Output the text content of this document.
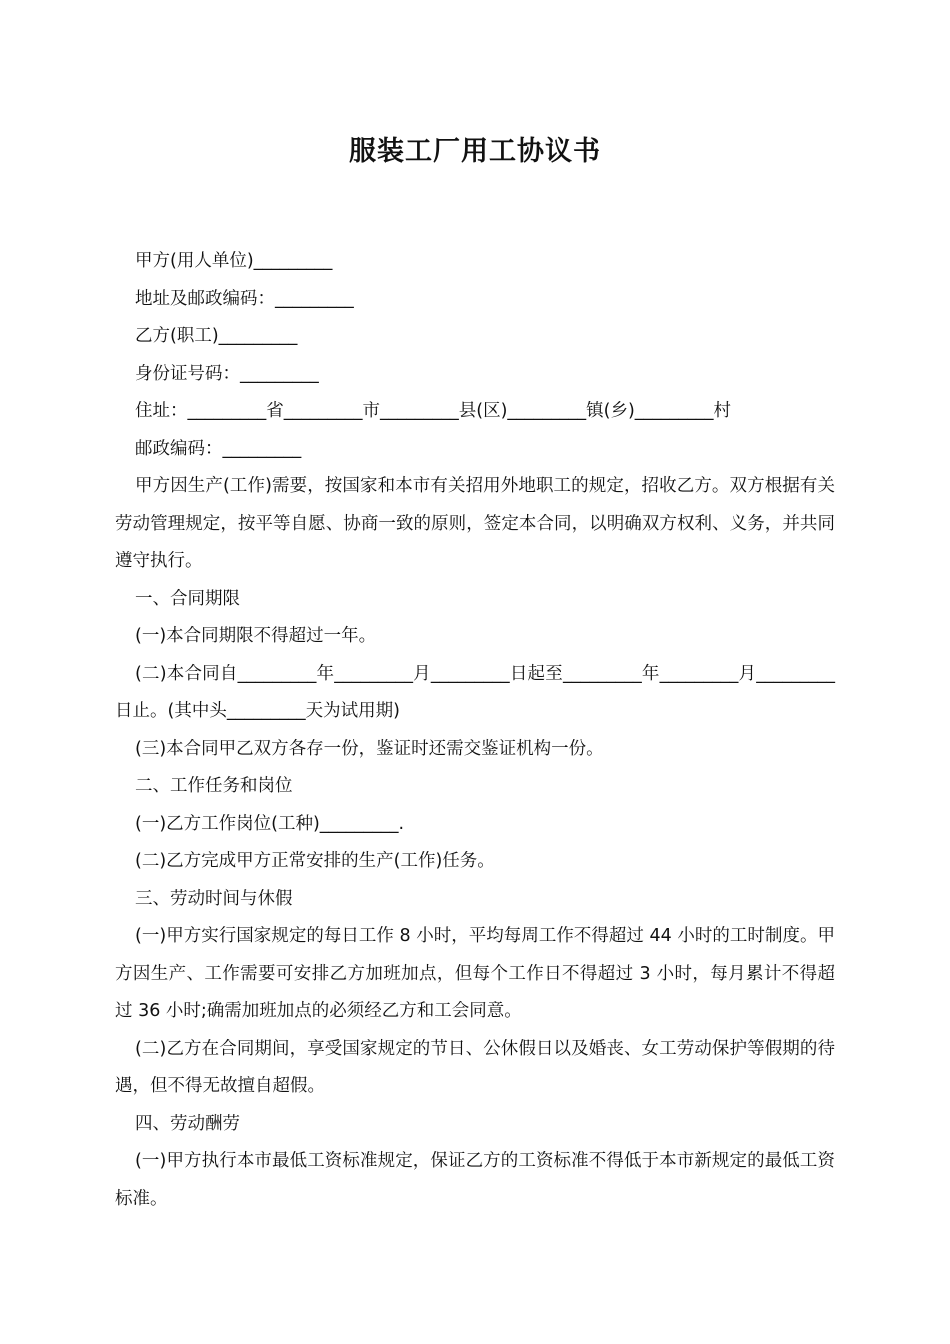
服装工厂用工协议书

甲方(用人单位)_________

地址及邮政编码：_________

乙方(职工)_________

身份证号码：_________

住址：_________省_________市_________县(区)_________镇(乡)_________村

邮政编码：_________

甲方因生产(工作)需要，按国家和本市有关招用外地职工的规定，招收乙方。双方根据有关劳动管理规定，按平等自愿、协商一致的原则，签定本合同，以明确双方权利、义务，并共同遵守执行。

一、合同期限

(一)本合同期限不得超过一年。

(二)本合同自_________年_________月_________日起至_________年_________月_________日止。(其中头_________天为试用期)

(三)本合同甲乙双方各存一份，鉴证时还需交鉴证机构一份。

二、工作任务和岗位

(一)乙方工作岗位(工种)_________.

(二)乙方完成甲方正常安排的生产(工作)任务。

三、劳动时间与休假

(一)甲方实行国家规定的每日工作 8 小时，平均每周工作不得超过 44 小时的工时制度。甲方因生产、工作需要可安排乙方加班加点，但每个工作日不得超过 3 小时，每月累计不得超过 36 小时;确需加班加点的必须经乙方和工会同意。

(二)乙方在合同期间，享受国家规定的节日、公休假日以及婚丧、女工劳动保护等假期的待遇，但不得无故擅自超假。

四、劳动酬劳

(一)甲方执行本市最低工资标准规定，保证乙方的工资标准不得低于本市新规定的最低工资标准。
